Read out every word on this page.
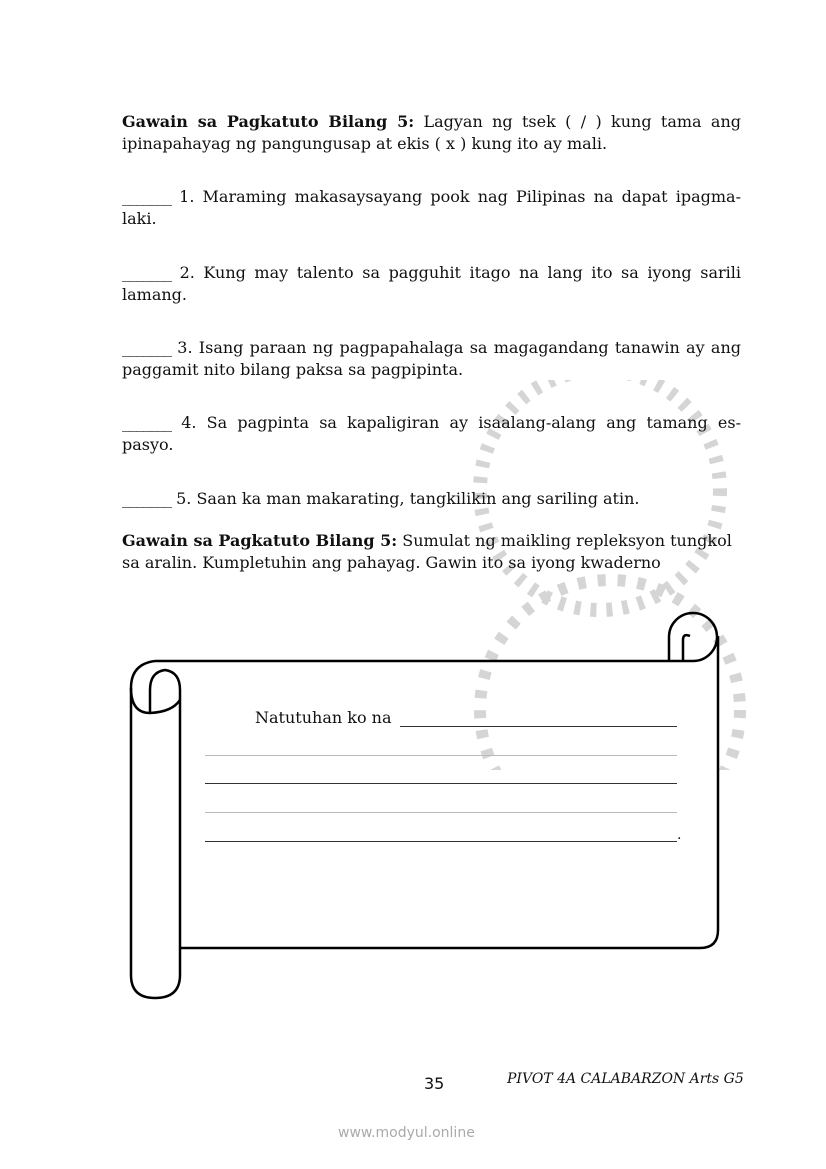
Gawain sa Pagkatuto Bilang 5: Lagyan ng tsek ( / ) kung tama ang
ipinapahayag ng pangungusap at ekis ( x ) kung ito ay mali.
_______ 1. Maraming makasaysayang pook nag Pilipinas na dapat ipagma-
laki.
_______ 2. Kung may talento sa pagguhit itago na lang ito sa iyong sarili
lamang.
_______ 3. Isang paraan ng pagpapahalaga sa magagandang tanawin ay ang
paggamit nito bilang paksa sa pagpipinta.
_______ 4. Sa pagpinta sa kapaligiran ay isaalang-alang ang tamang es-
pasyo.
_______ 5. Saan ka man makarating, tangkilikin ang sariling atin.
Gawain sa Pagkatuto Bilang 5: Sumulat ng maikling repleksyon tungkol
sa aralin. Kumpletuhin ang pahayag. Gawin ito sa iyong kwaderno
Natutuhan ko na
.
35	PIVOT 4A CALABARZON Arts G5
www.modyul.online
